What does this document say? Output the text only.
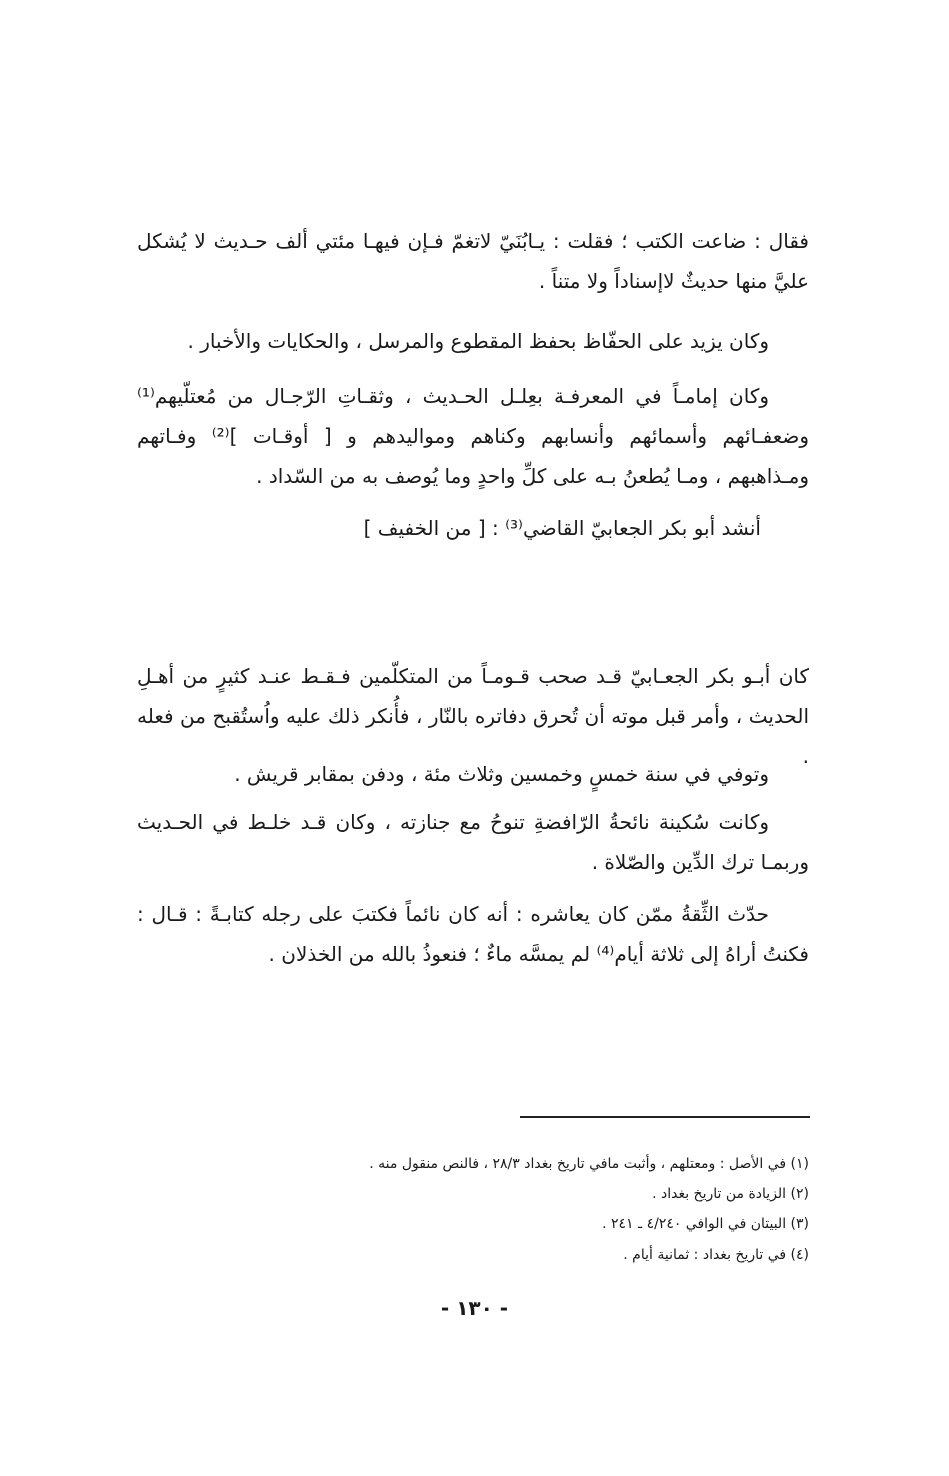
فقال : ضاعت الكتب ؛ فقلت : يـابُنَيّ لاتغمّ فـإن فيهـا مئتي ألف حـديث لا يُشكل عليَّ منها حديثٌ لاإسناداً ولا متناً .

وكان يزيد على الحفّاظ بحفظ المقطوع والمرسل ، والحكايات والأخبار .

وكان إمامـاً في المعرفـة بعِلـل الحـديث ، وثقـاتِ الرّجـال من مُعتلّيهم⁽¹⁾ وضعفـائهم وأسمائهم وأنسابهم وكناهم ومواليدهم و [ أوقـات ]⁽²⁾ وفـاتهم ومـذاهبهم ، ومـا يُطعنُ بـه على كلِّ واحدٍ وما يُوصف به من السّداد .

أنشد أبو بكر الجعابيّ القاضي⁽³⁾ : [ من الخفيف ]

كان أبـو بكر الجعـابيّ قـد صحب قـومـاً من المتكلّمين فـقـط عنـد كثيرٍ من أهـلِ الحديث ، وأمر قبل موته أن تُحرق دفاتره بالنّار ، فأُنكر ذلك عليه واُستُقبح من فعله .

وتوفي في سنة خمسٍ وخمسين وثلاث مئة ، ودفن بمقابر قريش .

وكانت سُكينة نائحةُ الرّافضةِ تنوحُ مع جنازته ، وكان قـد خلـط في الحـديث وربمـا ترك الدِّين والصّلاة .

حدّث الثِّقةُ ممّن كان يعاشره : أنه كان نائماً فكتبَ على رجله كتابـةً : قـال : فكنتُ أراهُ إلى ثلاثة أيام⁽⁴⁾ لم يمسَّه ماءٌ ؛ فنعوذُ بالله من الخذلان .

(١) في الأصل : ومعتلهم ، وأثبت مافي تاريخ بغداد ٢٨/٣ ، فالنص منقول منه .
(٢) الزيادة من تاريخ بغداد .
(٣) البيتان في الوافي ٤/٢٤٠ ـ ٢٤١ .
(٤) في تاريخ بغداد : ثمانية أيام .
- ١٣٠ -
